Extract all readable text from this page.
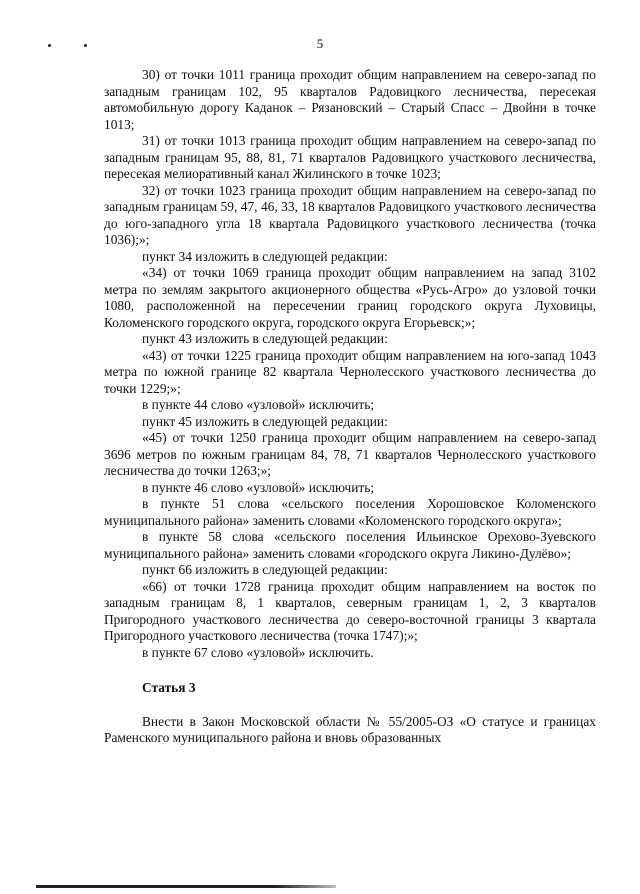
5

30) от точки 1011 граница проходит общим направлением на северо-запад по западным границам 102, 95 кварталов Радовицкого лесничества, пересекая автомобильную дорогу Каданок – Рязановский – Старый Спасс – Двойни в точке 1013;

31) от точки 1013 граница проходит общим направлением на северо-запад по западным границам 95, 88, 81, 71 кварталов Радовицкого участкового лесничества, пересекая мелиоративный канал Жилинского в точке 1023;

32) от точки 1023 граница проходит общим направлением на северо-запад по западным границам 59, 47, 46, 33, 18 кварталов Радовицкого участкового лесничества до юго-западного угла 18 квартала Радовицкого участкового лесничества (точка 1036);»;

пункт 34 изложить в следующей редакции:

«34) от точки 1069 граница проходит общим направлением на запад 3102 метра по землям закрытого акционерного общества «Русь-Агро» до узловой точки 1080, расположенной на пересечении границ городского округа Луховицы, Коломенского городского округа, городского округа Егорьевск;»;

пункт 43 изложить в следующей редакции:

«43) от точки 1225 граница проходит общим направлением на юго-запад 1043 метра по южной границе 82 квартала Чернолесского участкового лесничества до точки 1229;»;

в пункте 44 слово «узловой» исключить;

пункт 45 изложить в следующей редакции:

«45) от точки 1250 граница проходит общим направлением на северо-запад 3696 метров по южным границам 84, 78, 71 кварталов Чернолесского участкового лесничества до точки 1263;»;

в пункте 46 слово «узловой» исключить;

в пункте 51 слова «сельского поселения Хорошовское Коломенского муниципального района» заменить словами «Коломенского городского округа»;

в пункте 58 слова «сельского поселения Ильинское Орехово-Зуевского муниципального района» заменить словами «городского округа Ликино-Дулёво»;

пункт 66 изложить в следующей редакции:

«66) от точки 1728 граница проходит общим направлением на восток по западным границам 8, 1 кварталов, северным границам 1, 2, 3 кварталов Пригородного участкового лесничества до северо-восточной границы 3 квартала Пригородного участкового лесничества (точка 1747);»;

в пункте 67 слово «узловой» исключить.

Статья 3

Внести в Закон Московской области № 55/2005-ОЗ «О статусе и границах Раменского муниципального района и вновь образованных
